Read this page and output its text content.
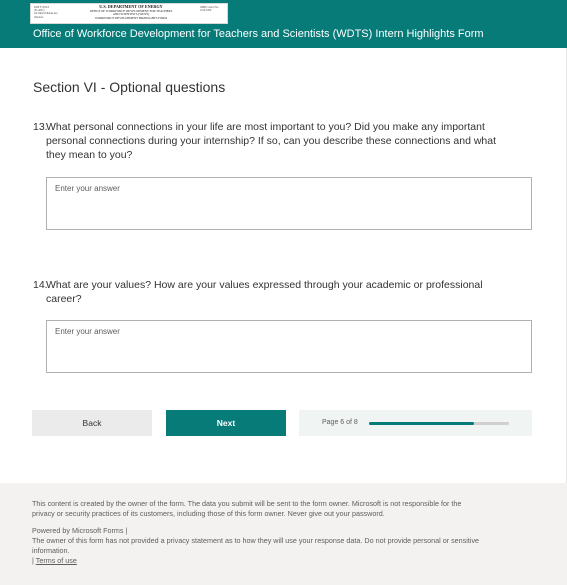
DOE F 2818.3
(05-2021)
All Other Editions Are Obsolete
U.S. DEPARTMENT OF ENERGY
OFFICE OF WORKFORCE DEVELOPMENT FOR TEACHERS
AND SCIENTISTS (WDTS)
WORKFORCE DEVELOPMENT HIGHLIGHTS FORM
OMB Control No.
1910-5208
Office of Workforce Development for Teachers and Scientists (WDTS) Intern Highlights Form
Section VI - Optional questions
13.
What personal connections in your life are most important to you? Did you make any important
personal connections during your internship? If so, can you describe these connections and what
they mean to you?
Enter your answer
14.
What are your values? How are your values expressed through your academic or professional
career?
Enter your answer
Back	Next	Page 6 of 8

This content is created by the owner of the form. The data you submit will be sent to the form owner. Microsoft is not responsible for the
privacy or security practices of its customers, including those of this form owner. Never give out your password.

Powered by Microsoft Forms |

The owner of this form has not provided a privacy statement as to how they will use your response data. Do not provide personal or sensitive
information.

| Terms of use
